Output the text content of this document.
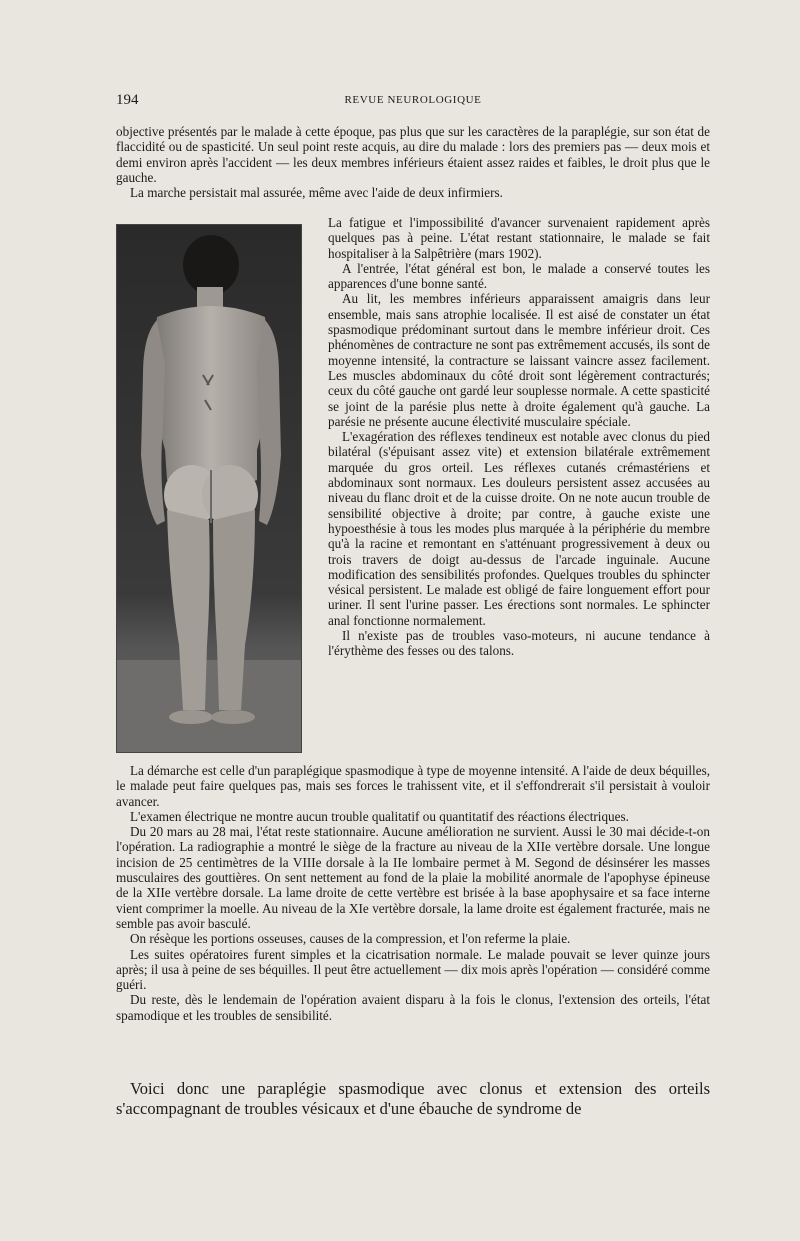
194	REVUE NEUROLOGIQUE

objective présentés par le malade à cette époque, pas plus que sur les caractères de la paraplégie, sur son état de flaccidité ou de spasticité. Un seul point reste acquis, au dire du malade : lors des premiers pas — deux mois et demi environ après l'accident — les deux membres inférieurs étaient assez raides et faibles, le droit plus que le gauche.

La marche persistait mal assurée, même avec l'aide de deux infirmiers.

La fatigue et l'impossibilité d'avancer survenaient rapidement après quelques pas à peine. L'état restant stationnaire, le malade se fait hospitaliser à la Salpêtrière (mars 1902).

A l'entrée, l'état général est bon, le malade a conservé toutes les apparences d'une bonne santé.

Au lit, les membres inférieurs apparaissent amaigris dans leur ensemble, mais sans atrophie localisée. Il est aisé de constater un état spasmodique prédominant surtout dans le membre inférieur droit. Ces phénomènes de contracture ne sont pas extrêmement accusés, ils sont de moyenne intensité, la contracture se laissant vaincre assez facilement. Les muscles abdominaux du côté droit sont légèrement contracturés; ceux du côté gauche ont gardé leur souplesse normale. A cette spasticité se joint de la parésie plus nette à droite également qu'à gauche. La parésie ne présente aucune électivité musculaire spéciale.

L'exagération des réflexes tendineux est notable avec clonus du pied bilatéral (s'épuisant assez vite) et extension bilatérale extrêmement marquée du gros orteil. Les réflexes cutanés crémastériens et abdominaux sont normaux. Les douleurs persistent assez accusées au niveau du flanc droit et de la cuisse droite. On ne note aucun trouble de sensibilité objective à droite; par contre, à gauche existe une hypoesthésie à tous les modes plus marquée à la périphérie du membre qu'à la racine et remontant en s'atténuant progressivement à deux ou trois travers de doigt au-dessus de l'arcade inguinale. Aucune modification des sensibilités profondes. Quelques troubles du sphincter vésical persistent. Le malade est obligé de faire longuement effort pour uriner. Il sent l'urine passer. Les érections sont normales. Le sphincter anal fonctionne normalement.

Il n'existe pas de troubles vaso-moteurs, ni aucune tendance à l'érythème des fesses ou des talons.

La démarche est celle d'un paraplégique spasmodique à type de moyenne intensité. A l'aide de deux béquilles, le malade peut faire quelques pas, mais ses forces le trahissent vite, et il s'effondrerait s'il persistait à vouloir avancer.

L'examen électrique ne montre aucun trouble qualitatif ou quantitatif des réactions électriques.

Du 20 mars au 28 mai, l'état reste stationnaire. Aucune amélioration ne survient. Aussi le 30 mai décide-t-on l'opération. La radiographie a montré le siège de la fracture au niveau de la XIIe vertèbre dorsale. Une longue incision de 25 centimètres de la VIIIe dorsale à la IIe lombaire permet à M. Segond de désinsérer les masses musculaires des gouttières. On sent nettement au fond de la plaie la mobilité anormale de l'apophyse épineuse de la XIIe vertèbre dorsale. La lame droite de cette vertèbre est brisée à la base apophysaire et sa face interne vient comprimer la moelle. Au niveau de la XIe vertèbre dorsale, la lame droite est également fracturée, mais ne semble pas avoir basculé.

On résèque les portions osseuses, causes de la compression, et l'on referme la plaie.

Les suites opératoires furent simples et la cicatrisation normale. Le malade pouvait se lever quinze jours après; il usa à peine de ses béquilles. Il peut être actuellement — dix mois après l'opération — considéré comme guéri.

Du reste, dès le lendemain de l'opération avaient disparu à la fois le clonus, l'extension des orteils, l'état spamodique et les troubles de sensibilité.

Voici donc une paraplégie spasmodique avec clonus et extension des orteils s'accompagnant de troubles vésicaux et d'une ébauche de syndrome de
